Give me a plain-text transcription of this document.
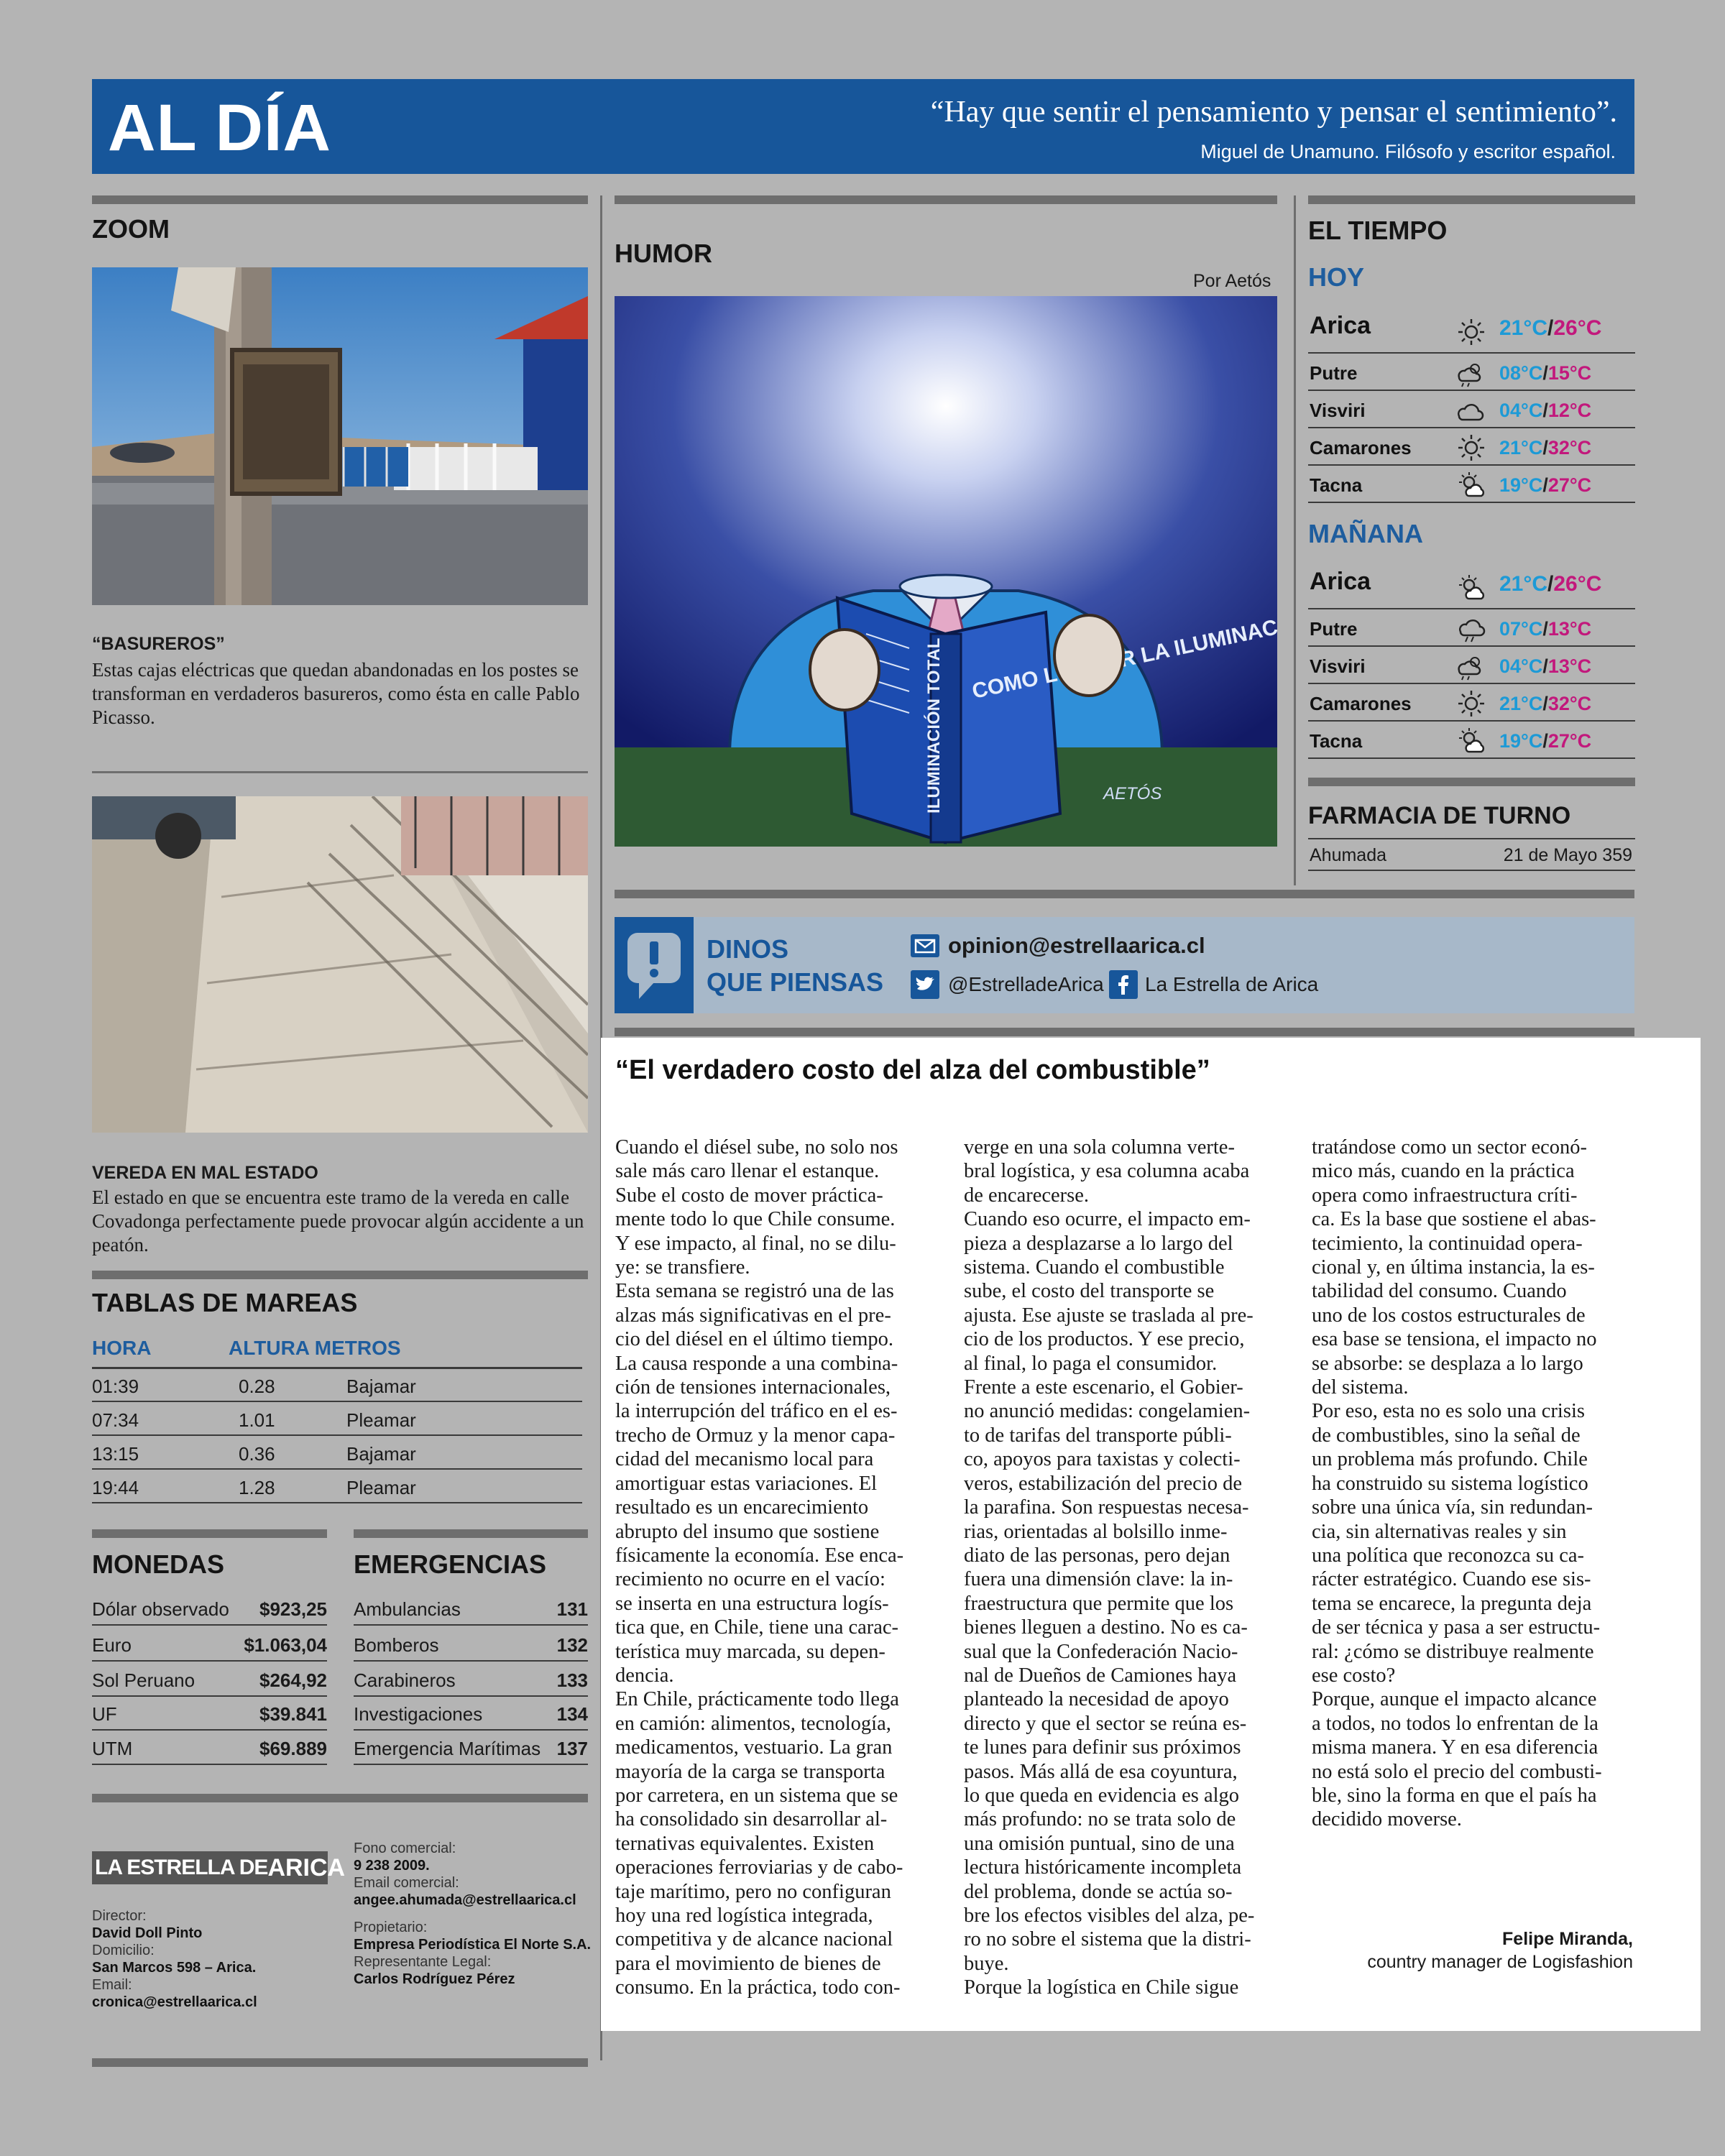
AL DÍA	“Hay que sentir el pensamiento y pensar el sentimiento”.
Miguel de Unamuno. Filósofo y escritor español.
ZOOM
“BASUREROS”
Estas cajas eléctricas que quedan abandonadas en los postes se transforman en verdaderos basureros, como ésta en calle Pablo Picasso.
VEREDA EN MAL ESTADO
El estado en que se encuentra este tramo de la vereda en calle Covadonga perfectamente puede provocar algún accidente a un peatón.
TABLAS DE MAREAS
HORA	ALTURA METROS
01:39	0.28	Bajamar
07:34	1.01	Pleamar
13:15	0.36	Bajamar
19:44	1.28	Pleamar
MONEDAS
Dólar observado $923,25
Euro	$1.063,04
Sol Peruano	$264,92
UF	$39.841
UTM	$69.889
EMERGENCIAS
Ambulancias	131
Bomberos	132
Carabineros	133
Investigaciones	134
Emergencia Marítimas 137
LA ESTRELLA DE ARICA
Director:
David Doll Pinto
Domicilio:
San Marcos 598 – Arica.
Email:
cronica@estrellaarica.cl
Fono comercial:
9 238 2009.
Email comercial:
angee.ahumada@estrellaarica.cl
Propietario:
Empresa Periodística El Norte S.A.
Representante Legal:
Carlos Rodríguez Pérez
HUMOR
Por Aetós
ILUMINACIÓN TOTAL COMO LA ILUMINACIÓN
AETÓS
DINOS
QUE PIENSAS
opinion@estrellaarica.cl
@EstrelladeArica La Estrella de Arica
EL TIEMPO
HOY
Arica	21°C/26°C
Putre	08°C/15°C
Visviri	04°C/12°C
Camarones	21°C/32°C
Tacna	19°C/27°C
MAÑANA
Arica	21°C/26°C
Putre	07°C/13°C
Visviri	04°C/13°C
Camarones	21°C/32°C
Tacna	19°C/27°C
FARMACIA DE TURNO
Ahumada	21 de Mayo 359
“El verdadero costo del alza del combustible”
Cuando el diésel sube, no solo nos
sale más caro llenar el estanque.
Sube el costo de mover práctica-
mente todo lo que Chile consume.
Y ese impacto, al final, no se dilu-
ye: se transfiere.
Esta semana se registró una de las
alzas más significativas en el pre-
cio del diésel en el último tiempo.
La causa responde a una combina-
ción de tensiones internacionales,
la interrupción del tráfico en el es-
trecho de Ormuz y la menor capa-
cidad del mecanismo local para
amortiguar estas variaciones. El
resultado es un encarecimiento
abrupto del insumo que sostiene
físicamente la economía. Ese enca-
recimiento no ocurre en el vacío:
se inserta en una estructura logís-
tica que, en Chile, tiene una carac-
terística muy marcada, su depen-
dencia.
En Chile, prácticamente todo llega
en camión: alimentos, tecnología,
medicamentos, vestuario. La gran
mayoría de la carga se transporta
por carretera, en un sistema que se
ha consolidado sin desarrollar al-
ternativas equivalentes. Existen
operaciones ferroviarias y de cabo-
taje marítimo, pero no configuran
hoy una red logística integrada,
competitiva y de alcance nacional
para el movimiento de bienes de
consumo. En la práctica, todo con-
verge en una sola columna verte-
bral logística, y esa columna acaba
de encarecerse.
Cuando eso ocurre, el impacto em-
pieza a desplazarse a lo largo del
sistema. Cuando el combustible
sube, el costo del transporte se
ajusta. Ese ajuste se traslada al pre-
cio de los productos. Y ese precio,
al final, lo paga el consumidor.
Frente a este escenario, el Gobier-
no anunció medidas: congelamien-
to de tarifas del transporte públi-
co, apoyos para taxistas y colecti-
veros, estabilización del precio de
la parafina. Son respuestas necesa-
rias, orientadas al bolsillo inme-
diato de las personas, pero dejan
fuera una dimensión clave: la in-
fraestructura que permite que los
bienes lleguen a destino. No es ca-
sual que la Confederación Nacio-
nal de Dueños de Camiones haya
planteado la necesidad de apoyo
directo y que el sector se reúna es-
te lunes para definir sus próximos
pasos. Más allá de esa coyuntura,
lo que queda en evidencia es algo
más profundo: no se trata solo de
una omisión puntual, sino de una
lectura históricamente incompleta
del problema, donde se actúa so-
bre los efectos visibles del alza, pe-
ro no sobre el sistema que la distri-
buye.
Porque la logística en Chile sigue
tratándose como un sector econó-
mico más, cuando en la práctica
opera como infraestructura críti-
ca. Es la base que sostiene el abas-
tecimiento, la continuidad opera-
cional y, en última instancia, la es-
tabilidad del consumo. Cuando
uno de los costos estructurales de
esa base se tensiona, el impacto no
se absorbe: se desplaza a lo largo
del sistema.
Por eso, esta no es solo una crisis
de combustibles, sino la señal de
un problema más profundo. Chile
ha construido su sistema logístico
sobre una única vía, sin redundan-
cia, sin alternativas reales y sin
una política que reconozca su ca-
rácter estratégico. Cuando ese sis-
tema se encarece, la pregunta deja
de ser técnica y pasa a ser estructu-
ral: ¿cómo se distribuye realmente
ese costo?
Porque, aunque el impacto alcance
a todos, no todos lo enfrentan de la
misma manera. Y en esa diferencia
no está solo el precio del combusti-
ble, sino la forma en que el país ha
decidido moverse.
Felipe Miranda,
country manager de Logisfashion
